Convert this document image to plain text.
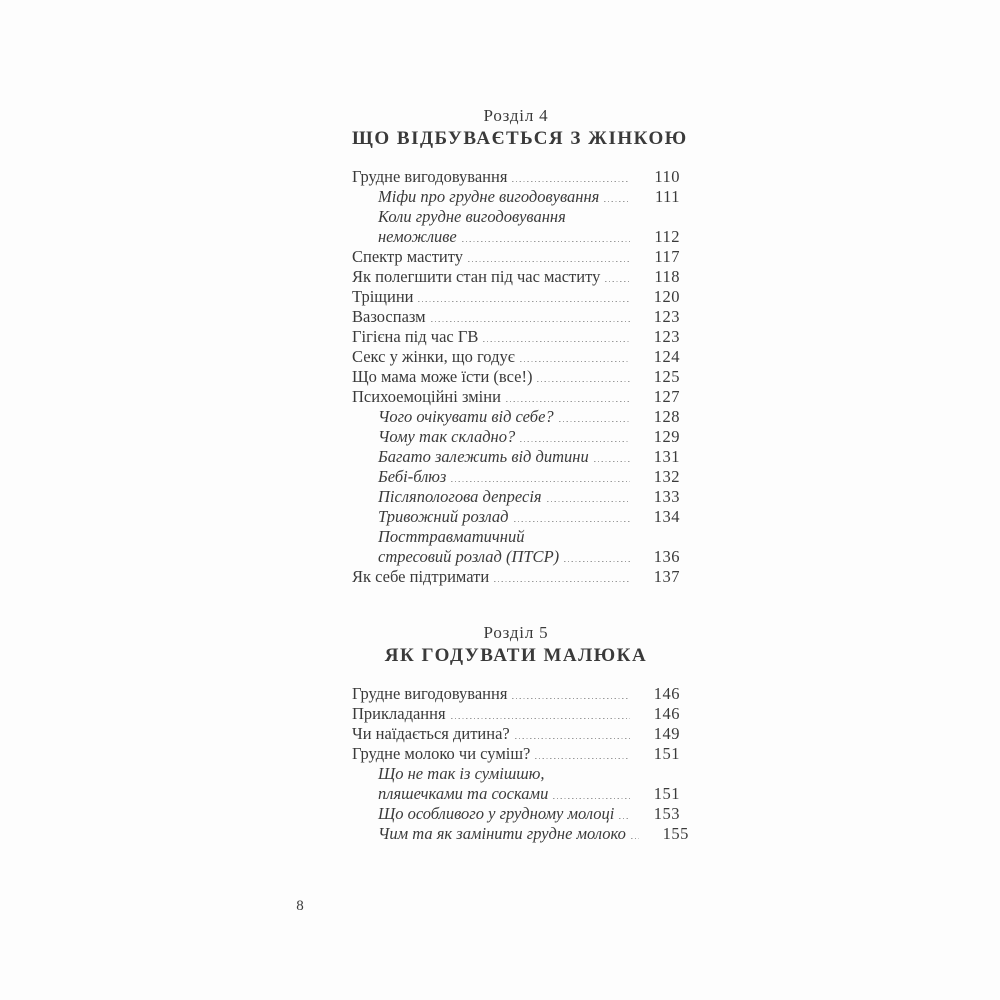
Розділ 4
ЩО ВІДБУВАЄТЬСЯ З ЖІНКОЮ
Грудне вигодовування	110
Міфи про грудне вигодовування	111
Коли грудне вигодовування
неможливе	112
Спектр маститу	117
Як полегшити стан під час маститу	118
Тріщини	120
Вазоспазм	123
Гігієна під час ГВ	123
Секс у жінки, що годує	124
Що мама може їсти (все!)	125
Психоемоційні зміни	127
Чого очікувати від себе?	128
Чому так складно?	129
Багато залежить від дитини	131
Бебі-блюз	132
Післяпологова депресія	133
Тривожний розлад	134
Посттравматичний
стресовий розлад (ПТСР)	136
Як себе підтримати	137
Розділ 5
ЯК ГОДУВАТИ МАЛЮКА
Грудне вигодовування	146
Прикладання	146
Чи наїдається дитина?	149
Грудне молоко чи суміш?	151
Що не так із сумішшю,
пляшечками та сосками	151
Що особливого у грудному молоці	153
Чим та як замінити грудне молоко	155
8
